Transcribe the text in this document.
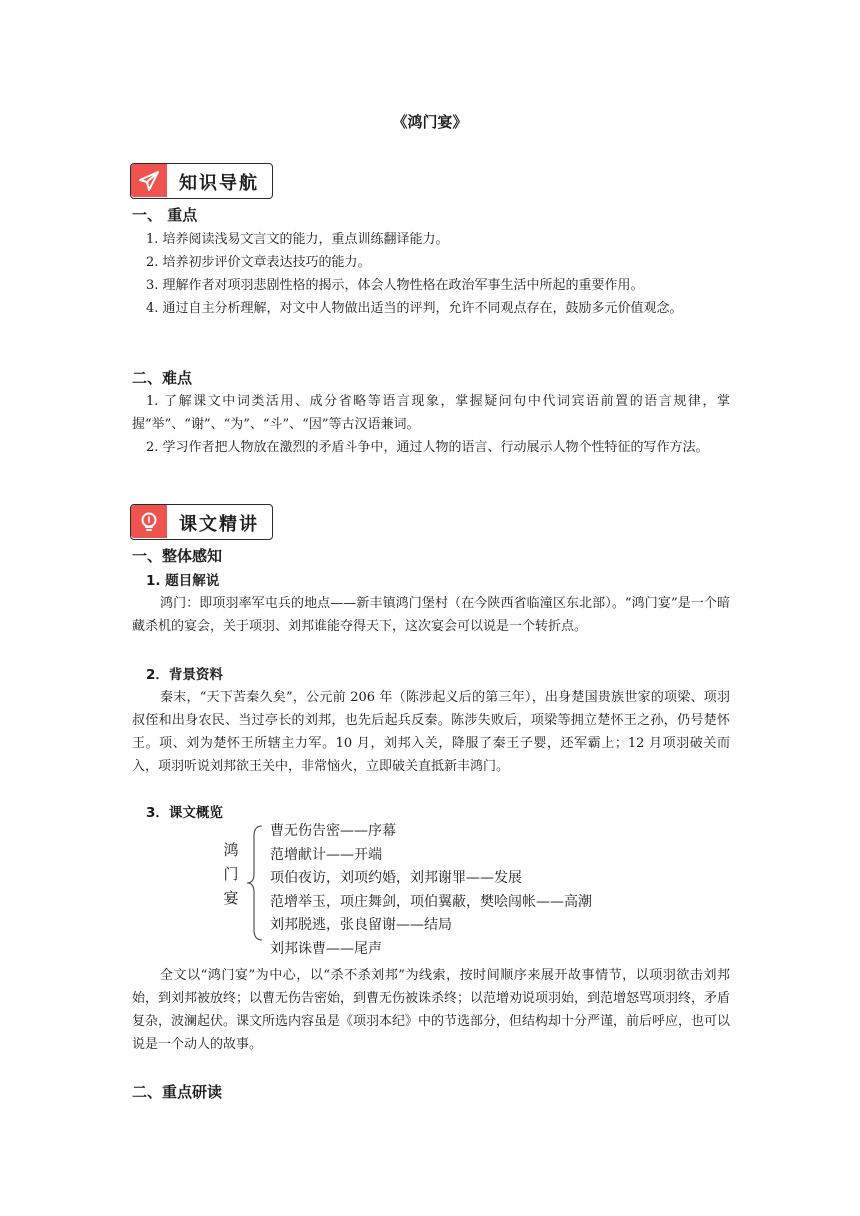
《鸿门宴》
知识导航
一、 重点
1. 培养阅读浅易文言文的能力，重点训练翻译能力。
2. 培养初步评价文章表达技巧的能力。
3. 理解作者对项羽悲剧性格的揭示，体会人物性格在政治军事生活中所起的重要作用。
4. 通过自主分析理解，对文中人物做出适当的评判，允许不同观点存在，鼓励多元价值观念。
二、难点
1. 了解课文中词类活用、成分省略等语言现象，掌握疑问句中代词宾语前置的语言规律，掌握“举”、“谢”、“为”、“斗”、“因”等古汉语兼词。
2. 学习作者把人物放在激烈的矛盾斗争中，通过人物的语言、行动展示人物个性特征的写作方法。
课文精讲
一、整体感知
1. 题目解说
鸿门：即项羽率军屯兵的地点——新丰镇鸿门堡村（在今陕西省临潼区东北部）。“鸿门宴”是一个暗藏杀机的宴会，关于项羽、刘邦谁能夺得天下，这次宴会可以说是一个转折点。
2．背景资料
秦末，“天下苦秦久矣”，公元前 206 年（陈涉起义后的第三年），出身楚国贵族世家的项梁、项羽叔侄和出身农民、当过亭长的刘邦，也先后起兵反秦。陈涉失败后，项梁等拥立楚怀王之孙，仍号楚怀王。项、刘为楚怀王所辖主力军。10 月，刘邦入关，降服了秦王子婴，还军霸上；12 月项羽破关而入，项羽听说刘邦欲王关中，非常恼火，立即破关直抵新丰鸿门。
3．课文概览
鸿门宴
曹无伤告密——序幕
范增献计——开端
项伯夜访，刘项约婚，刘邦谢罪——发展
范增举玉，项庄舞剑，项伯翼蔽，樊哙闯帐——高潮
刘邦脱逃，张良留谢——结局
刘邦诛曹——尾声
全文以“鸿门宴”为中心，以“杀不杀刘邦”为线索，按时间顺序来展开故事情节，以项羽欲击刘邦始，到刘邦被放终；以曹无伤告密始，到曹无伤被诛杀终；以范增劝说项羽始，到范增怒骂项羽终，矛盾复杂，波澜起伏。课文所选内容虽是《项羽本纪》中的节选部分，但结构却十分严谨，前后呼应，也可以说是一个动人的故事。
二、重点研读
